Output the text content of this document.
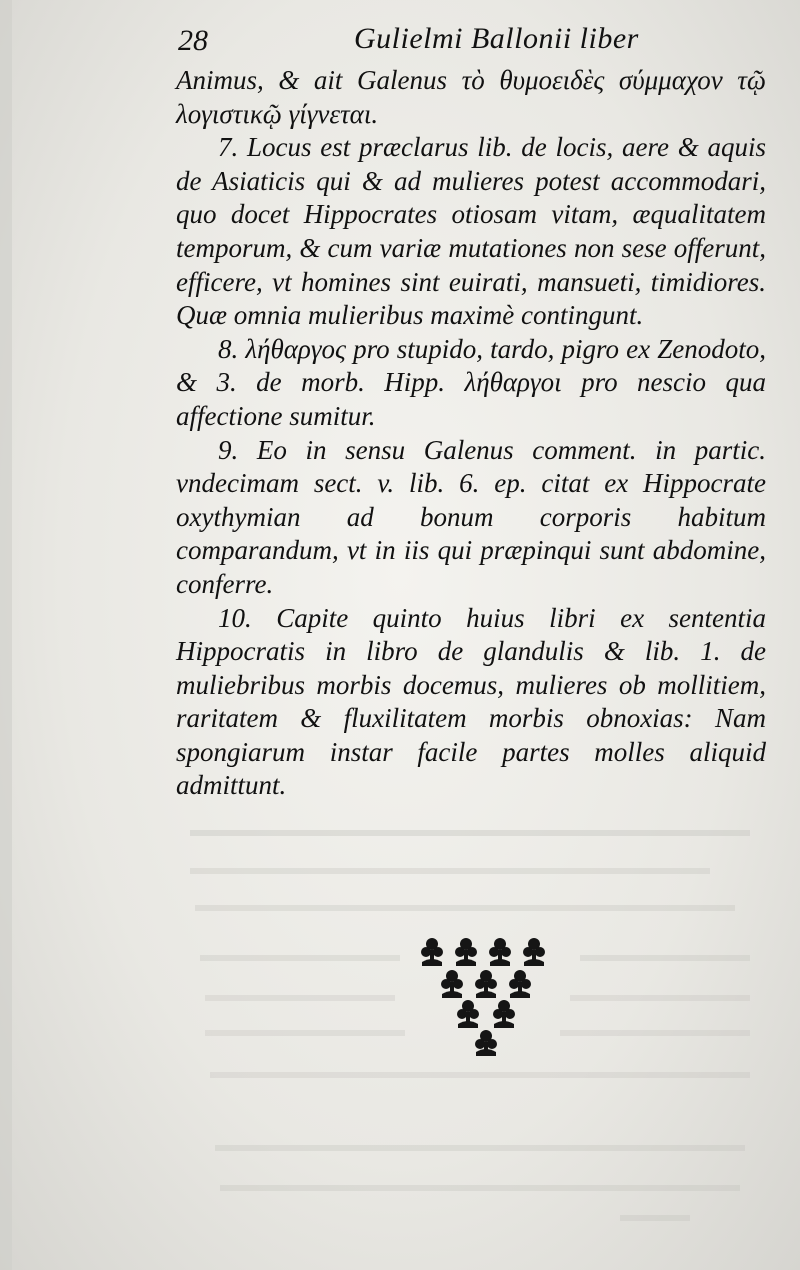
28	Gulielmi Ballonii liber

Animus, & ait Galenus τὸ θυμοειδὲς σύμμαχον τῷ λογιστικῷ γίγνεται.

7. Locus est præclarus lib. de locis, aere & aquis de Asiaticis qui & ad mulieres potest accommodari, quo docet Hippocrates otiosam vitam, æqualitatem temporum, & cum variæ mutationes non sese offerunt, efficere, vt homines sint euirati, mansueti, timidiores. Quæ omnia mulieribus maximè contingunt.

8. λήθαργος pro stupido, tardo, pigro ex Zenodoto, & 3. de morb. Hipp. λήθαργοι pro nescio qua affectione sumitur.

9. Eo in sensu Galenus comment. in partic. vndecimam sect. v. lib. 6. ep. citat ex Hippocrate oxythymian ad bonum corporis habitum comparandum, vt in iis qui præpinqui sunt abdomine, conferre.

10. Capite quinto huius libri ex sententia Hippocratis in libro de glandulis & lib. 1. de muliebribus morbis docemus, mulieres ob mollitiem, raritatem & fluxilitatem morbis obnoxias: Nam spongiarum instar facile partes molles aliquid admittunt.
